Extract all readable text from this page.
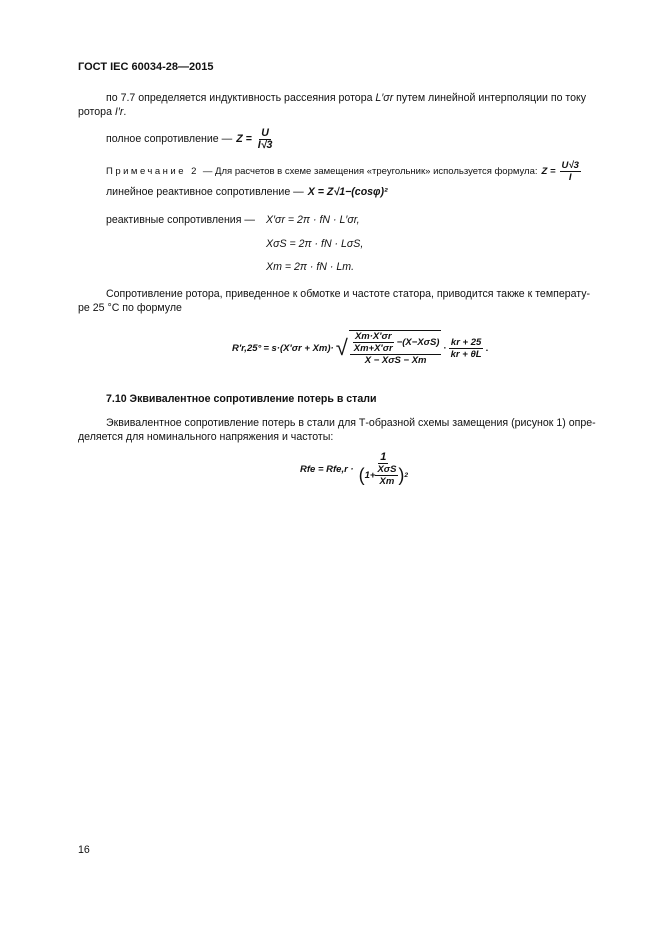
ГОСТ IEC 60034-28—2015
по 7.7 определяется индуктивность рассеяния ротора L′σr путем линейной интерполяции по току
ротора I′r.
полное сопротивление — $Z = \frac{U}{I√3}$
Примечание 2 — Для расчетов в схеме замещения «треугольник» используется формула: $Z = \frac{U√3}{I}$
линейное реактивное сопротивление — X = Z√1−(cosφ)²
реактивные сопротивления — X′σr = 2π · fN · L′σr,
XσS = 2π · fN · LσS,
Xm = 2π · fN · Lm.
Сопротивление ротора, приведенное к обмотке и частоте статора, приводится также к температу-
ре 25 °С по формуле
R′r,25° = s·(X′σr + Xm)· √ $\frac{\frac{Xm\cdot X'\sigma r}{Xm+X'\sigma r} -(X-X\sigma S)}{\text{X − XσS − Xm}} \cdot \frac{kr + 25}{kr + \theta L}$ .
7.10 Эквивалентное сопротивление потерь в стали
Эквивалентное сопротивление потерь в стали для Т-образной схемы замещения (рисунок 1) опре-
деляется для номинального напряжения и частоты:
Rfe = $Rfe,r \cdot \frac{1}{( 1+ \frac{\text{XσS}}{Xm} ) 2}$
16
